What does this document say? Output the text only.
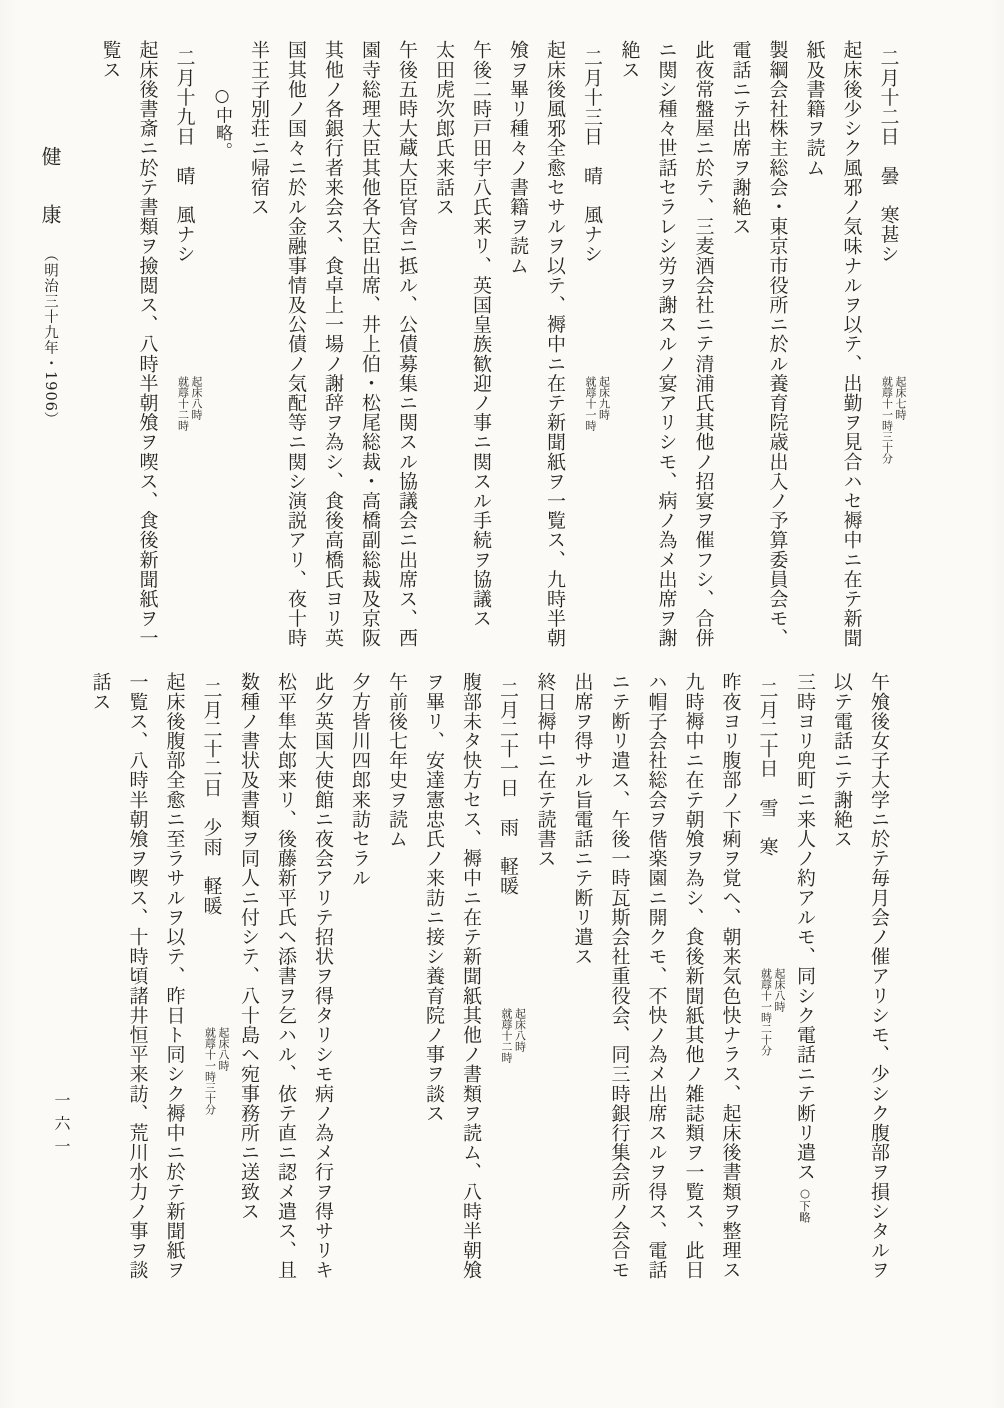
健　康（明治三十九年・1906）

二月十二日　曇　寒甚シ
起床七時
就蓐十一時三十分

起床後少シク風邪ノ気味ナルヲ以テ、出勤ヲ見合ハセ褥中ニ在テ新聞

紙及書籍ヲ読ム

製綱会社株主総会・東京市役所ニ於ル養育院歳出入ノ予算委員会モ、

電話ニテ出席ヲ謝絶ス

此夜常盤屋ニ於テ、三麦酒会社ニテ清浦氏其他ノ招宴ヲ催フシ、合併

ニ関シ種々世話セラレシ労ヲ謝スルノ宴アリシモ、病ノ為メ出席ヲ謝

絶ス

二月十三日　晴　風ナシ
起床九時
就蓐十一時

起床後風邪全愈セサルヲ以テ、褥中ニ在テ新聞紙ヲ一覧ス、九時半朝

飧ヲ畢リ種々ノ書籍ヲ読ム

午後二時戸田宇八氏来リ、英国皇族歓迎ノ事ニ関スル手続ヲ協議ス

太田虎次郎氏来話ス

午後五時大蔵大臣官舎ニ抵ル、公債募集ニ関スル協議会ニ出席ス、西

園寺総理大臣其他各大臣出席、井上伯・松尾総裁・高橋副総裁及京阪

其他ノ各銀行者来会ス、食卓上一場ノ謝辞ヲ為シ、食後高橋氏ヨリ英

国其他ノ国々ニ於ル金融事情及公債ノ気配等ニ関シ演説アリ、夜十時

半王子別荘ニ帰宿ス

○中略。

二月十九日　晴　風ナシ
起床八時
就蓐十二時

起床後書斎ニ於テ書類ヲ撿閲ス、八時半朝飧ヲ喫ス、食後新聞紙ヲ一

覧ス

午飧後女子大学ニ於テ毎月会ノ催アリシモ、少シク腹部ヲ損シタルヲ

以テ電話ニテ謝絶ス

三時ヨリ兜町ニ来人ノ約アルモ、同シク電話ニテ断リ遣ス○下略

二月二十日　雪　寒
起床八時
就蓐十一時二十分

昨夜ヨリ腹部ノ下痢ヲ覚ヘ、朝来気色快ナラス、起床後書類ヲ整理ス

九時褥中ニ在テ朝飧ヲ為シ、食後新聞紙其他ノ雑誌類ヲ一覧ス、此日

ハ帽子会社総会ヲ偕楽園ニ開クモ、不快ノ為メ出席スルヲ得ス、電話

ニテ断リ遣ス、午後一時瓦斯会社重役会、同三時銀行集会所ノ会合モ

出席ヲ得サル旨電話ニテ断リ遣ス

終日褥中ニ在テ読書ス

二月二十一日　雨　軽暖
起床八時
就蓐十二時

腹部未タ快方セス、褥中ニ在テ新聞紙其他ノ書類ヲ読ム、八時半朝飧

ヲ畢リ、安達憲忠氏ノ来訪ニ接シ養育院ノ事ヲ談ス

午前後七年史ヲ読ム

夕方皆川四郎来訪セラル

此夕英国大使館ニ夜会アリテ招状ヲ得タリシモ病ノ為メ行ヲ得サリキ

松平隼太郎来リ、後藤新平氏ヘ添書ヲ乞ハル、依テ直ニ認メ遣ス、且

数種ノ書状及書類ヲ同人ニ付シテ、八十島ヘ宛事務所ニ送致ス

二月二十二日　少雨　軽暖
起床八時
就蓐十一時三十分

起床後腹部全愈ニ至ラサルヲ以テ、昨日ト同シク褥中ニ於テ新聞紙ヲ

一覧ス、八時半朝飧ヲ喫ス、十時頃諸井恒平来訪、荒川水力ノ事ヲ談

話ス

一六一
